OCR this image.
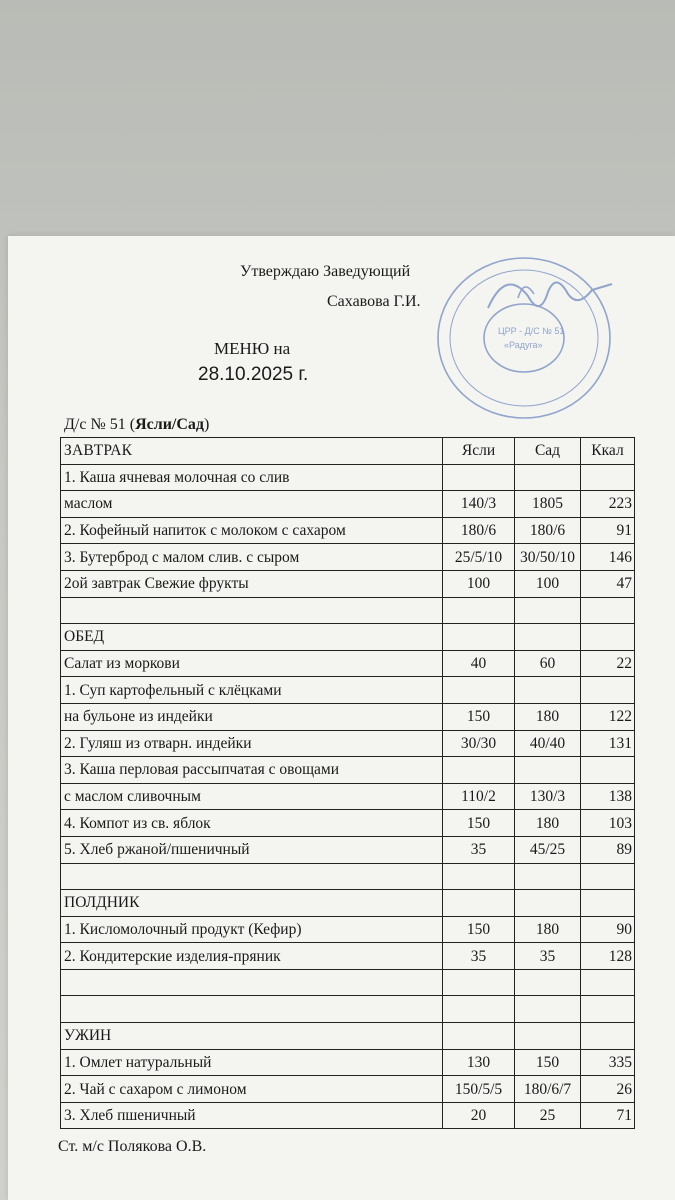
Утверждаю Заведующий
Сахавова Г.И.
ЦРР - Д/С № 51
«Радуга»
МЕНЮ на
28.10.2025 г.
Д/с № 51 (Ясли/Сад)
ЗАВТРАК	Ясли	Сад	Ккал
1. Каша ячневая молочная со слив			
маслом	140/3	1805	223
2. Кофейный напиток с молоком с сахаром	180/6	180/6	91
3. Бутерброд с малом слив. с сыром	25/5/10	30/50/10	146
2ой завтрак Свежие фрукты	100	100	47

ОБЕД			
Салат из моркови	40	60	22
1. Суп картофельный с клёцками			
на бульоне из индейки	150	180	122
2. Гуляш из отварн. индейки	30/30	40/40	131
3. Каша перловая рассыпчатая с овощами			
с маслом сливочным	110/2	130/3	138
4. Компот из св. яблок	150	180	103
5. Хлеб ржаной/пшеничный	35	45/25	89

ПОЛДНИК			
1. Кисломолочный продукт (Кефир)	150	180	90
2. Кондитерские изделия-пряник	35	35	128

УЖИН			
1. Омлет натуральный	130	150	335
2. Чай с сахаром с лимоном	150/5/5	180/6/7	26
3. Хлеб пшеничный	20	25	71
Ст. м/с Полякова О.В.
